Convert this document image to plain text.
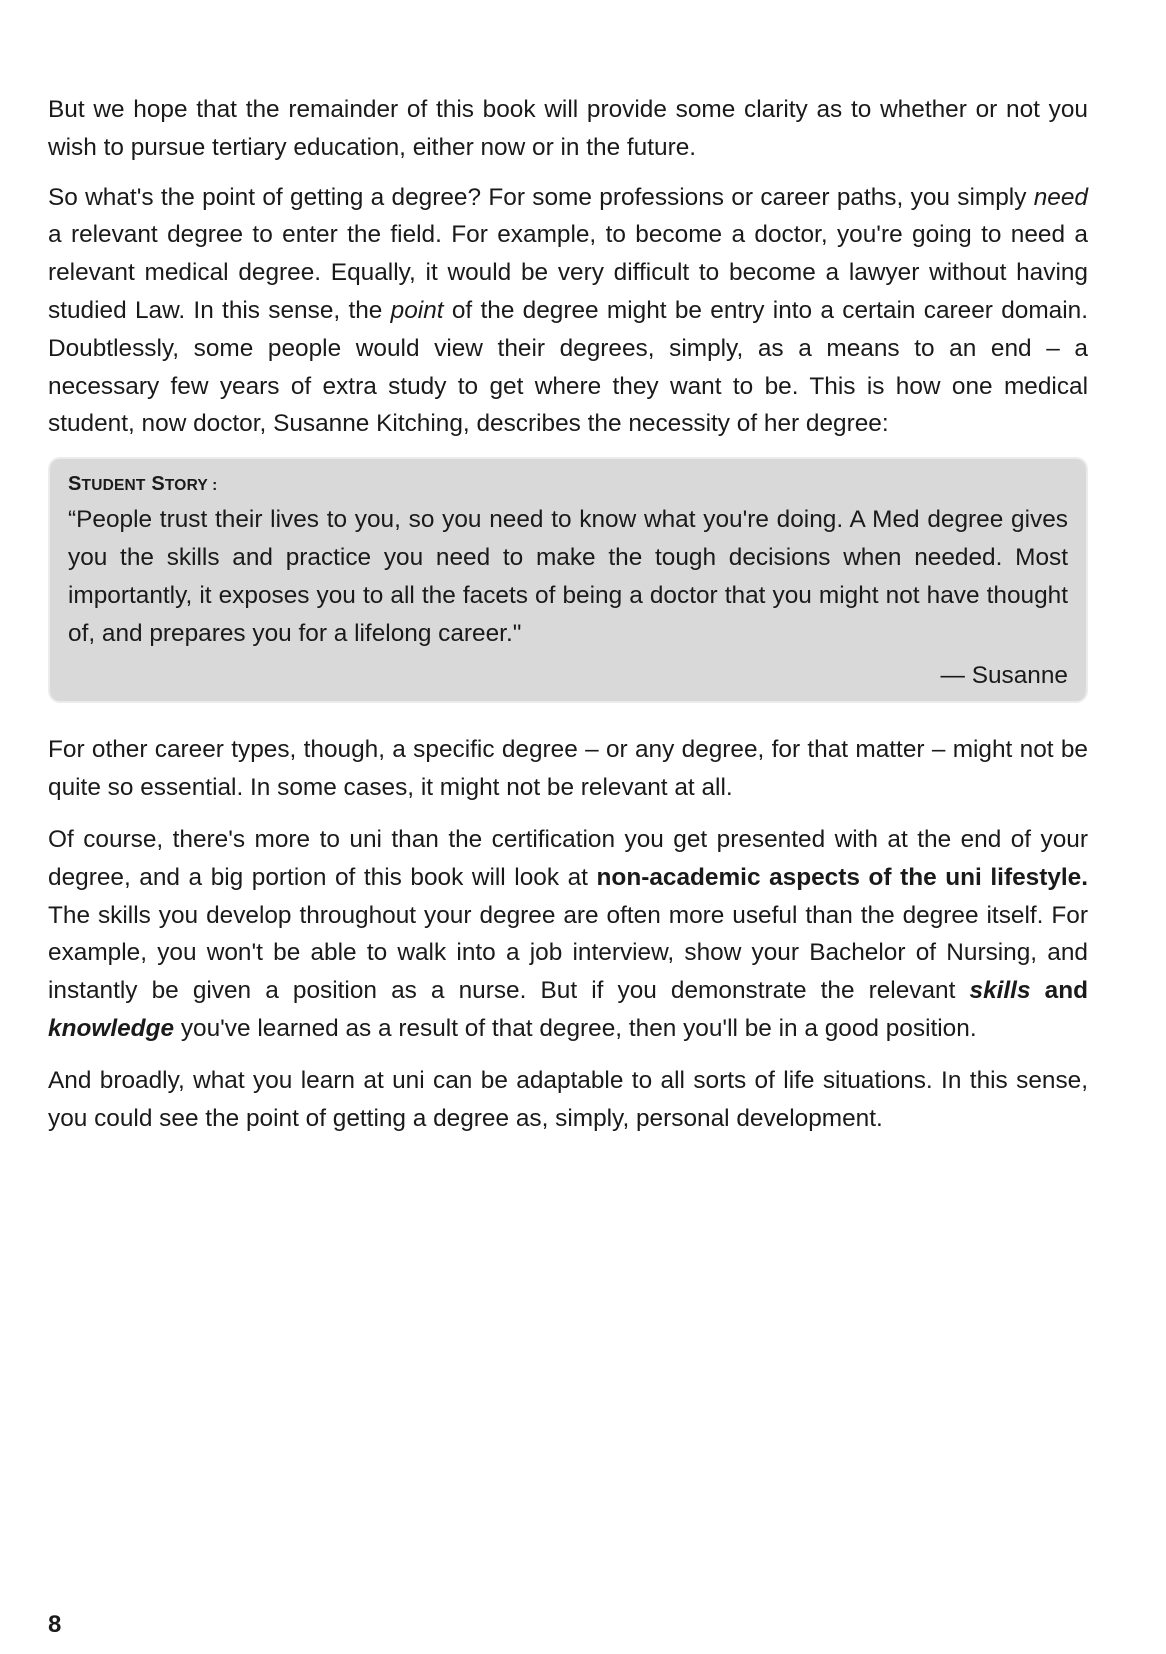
But we hope that the remainder of this book will provide some clarity as to whether or not you wish to pursue tertiary education, either now or in the future.

So what's the point of getting a degree? For some professions or career paths, you simply need a relevant degree to enter the field. For example, to become a doctor, you're going to need a relevant medical degree. Equally, it would be very difficult to become a lawyer without having studied Law. In this sense, the point of the degree might be entry into a certain career domain. Doubtlessly, some people would view their degrees, simply, as a means to an end – a necessary few years of extra study to get where they want to be. This is how one medical student, now doctor, Susanne Kitching, describes the necessity of her degree:

STUDENT STORY :

“People trust their lives to you, so you need to know what you're doing. A Med degree gives you the skills and practice you need to make the tough decisions when needed. Most importantly, it exposes you to all the facets of being a doctor that you might not have thought of, and prepares you for a lifelong career."

— Susanne

For other career types, though, a specific degree – or any degree, for that matter – might not be quite so essential. In some cases, it might not be relevant at all.

Of course, there's more to uni than the certification you get presented with at the end of your degree, and a big portion of this book will look at non-academic aspects of the uni lifestyle. The skills you develop throughout your degree are often more useful than the degree itself. For example, you won't be able to walk into a job interview, show your Bachelor of Nursing, and instantly be given a position as a nurse. But if you demonstrate the relevant skills and knowledge you've learned as a result of that degree, then you'll be in a good position.

And broadly, what you learn at uni can be adaptable to all sorts of life situations. In this sense, you could see the point of getting a degree as, simply, personal development.

8
